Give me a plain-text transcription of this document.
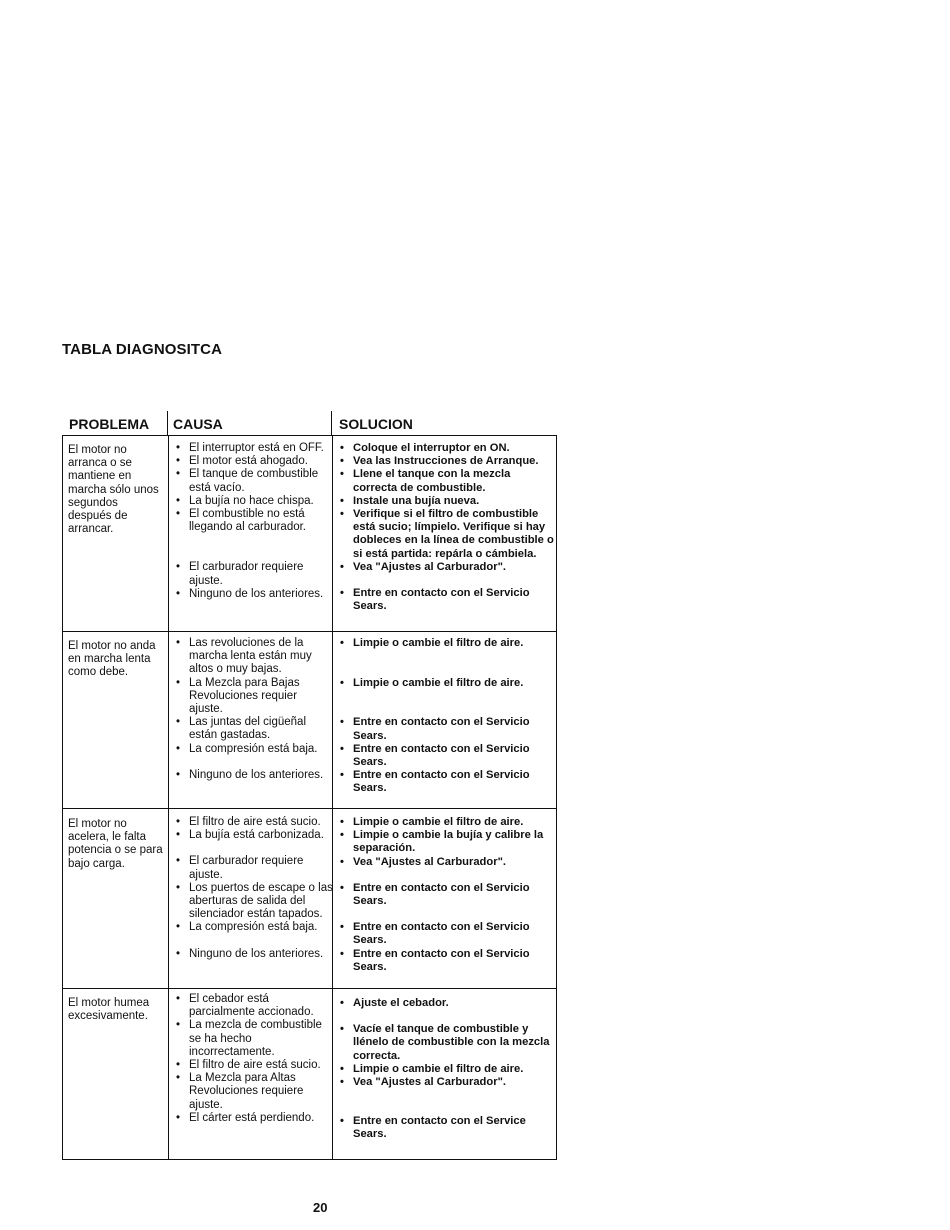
TABLA DIAGNOSITCA
PROBLEMA CAUSA	SOLUCION
El motor no arranca o se mantiene en marcha sólo unos segundos después de arrancar.
• El interruptor está en OFF.
• El motor está ahogado.
• El tanque de combustible está vacío.
• La bujía no hace chispa.
• El combustible no está llegando al carburador.
• El carburador requiere ajuste.
• Ninguno de los anteriores.
• Coloque el interruptor en ON.
• Vea las Instrucciones de Arranque.
• Llene el tanque con la mezcla correcta de combustible.
• Instale una bujía nueva.
• Verifique si el filtro de combustible está sucio; límpielo. Verifique si hay dobleces en la línea de combustible o si está partida: repárla o cámbiela.
• Vea "Ajustes al Carburador".
• Entre en contacto con el Servicio Sears.
El motor no anda en marcha lenta como debe.
• Las revoluciones de la marcha lenta están muy altos o muy bajas.
• La Mezcla para Bajas Revoluciones requier ajuste.
• Las juntas del cigüeñal están gastadas.
• La compresión está baja.
• Ninguno de los anteriores.
• Limpie o cambie el filtro de aire.
• Limpie o cambie el filtro de aire.
• Entre en contacto con el Servicio Sears.
• Entre en contacto con el Servicio Sears.
• Entre en contacto con el Servicio Sears.
El motor no acelera, le falta potencia o se para bajo carga.
• El filtro de aire está sucio.
• La bujía está carbonizada.
• El carburador requiere ajuste.
• Los puertos de escape o las aberturas de salida del silenciador están tapados.
• La compresión está baja.
• Ninguno de los anteriores.
• Limpie o cambie el filtro de aire.
• Limpie o cambie la bujía y calibre la separación.
• Vea "Ajustes al Carburador".
• Entre en contacto con el Servicio Sears.
• Entre en contacto con el Servicio Sears.
• Entre en contacto con el Servicio Sears.
El motor humea excesivamente.
• El cebador está parcialmente accionado.
• La mezcla de combustible se ha hecho incorrectamente.
• El filtro de aire está sucio.
• La Mezcla para Altas Revoluciones requiere ajuste.
• El cárter está perdiendo.
• Ajuste el cebador.
• Vacíe el tanque de combustible y llénelo de combustible con la mezcla correcta.
• Limpie o cambie el filtro de aire.
• Vea "Ajustes al Carburador".
• Entre en contacto con el Service Sears.
20
